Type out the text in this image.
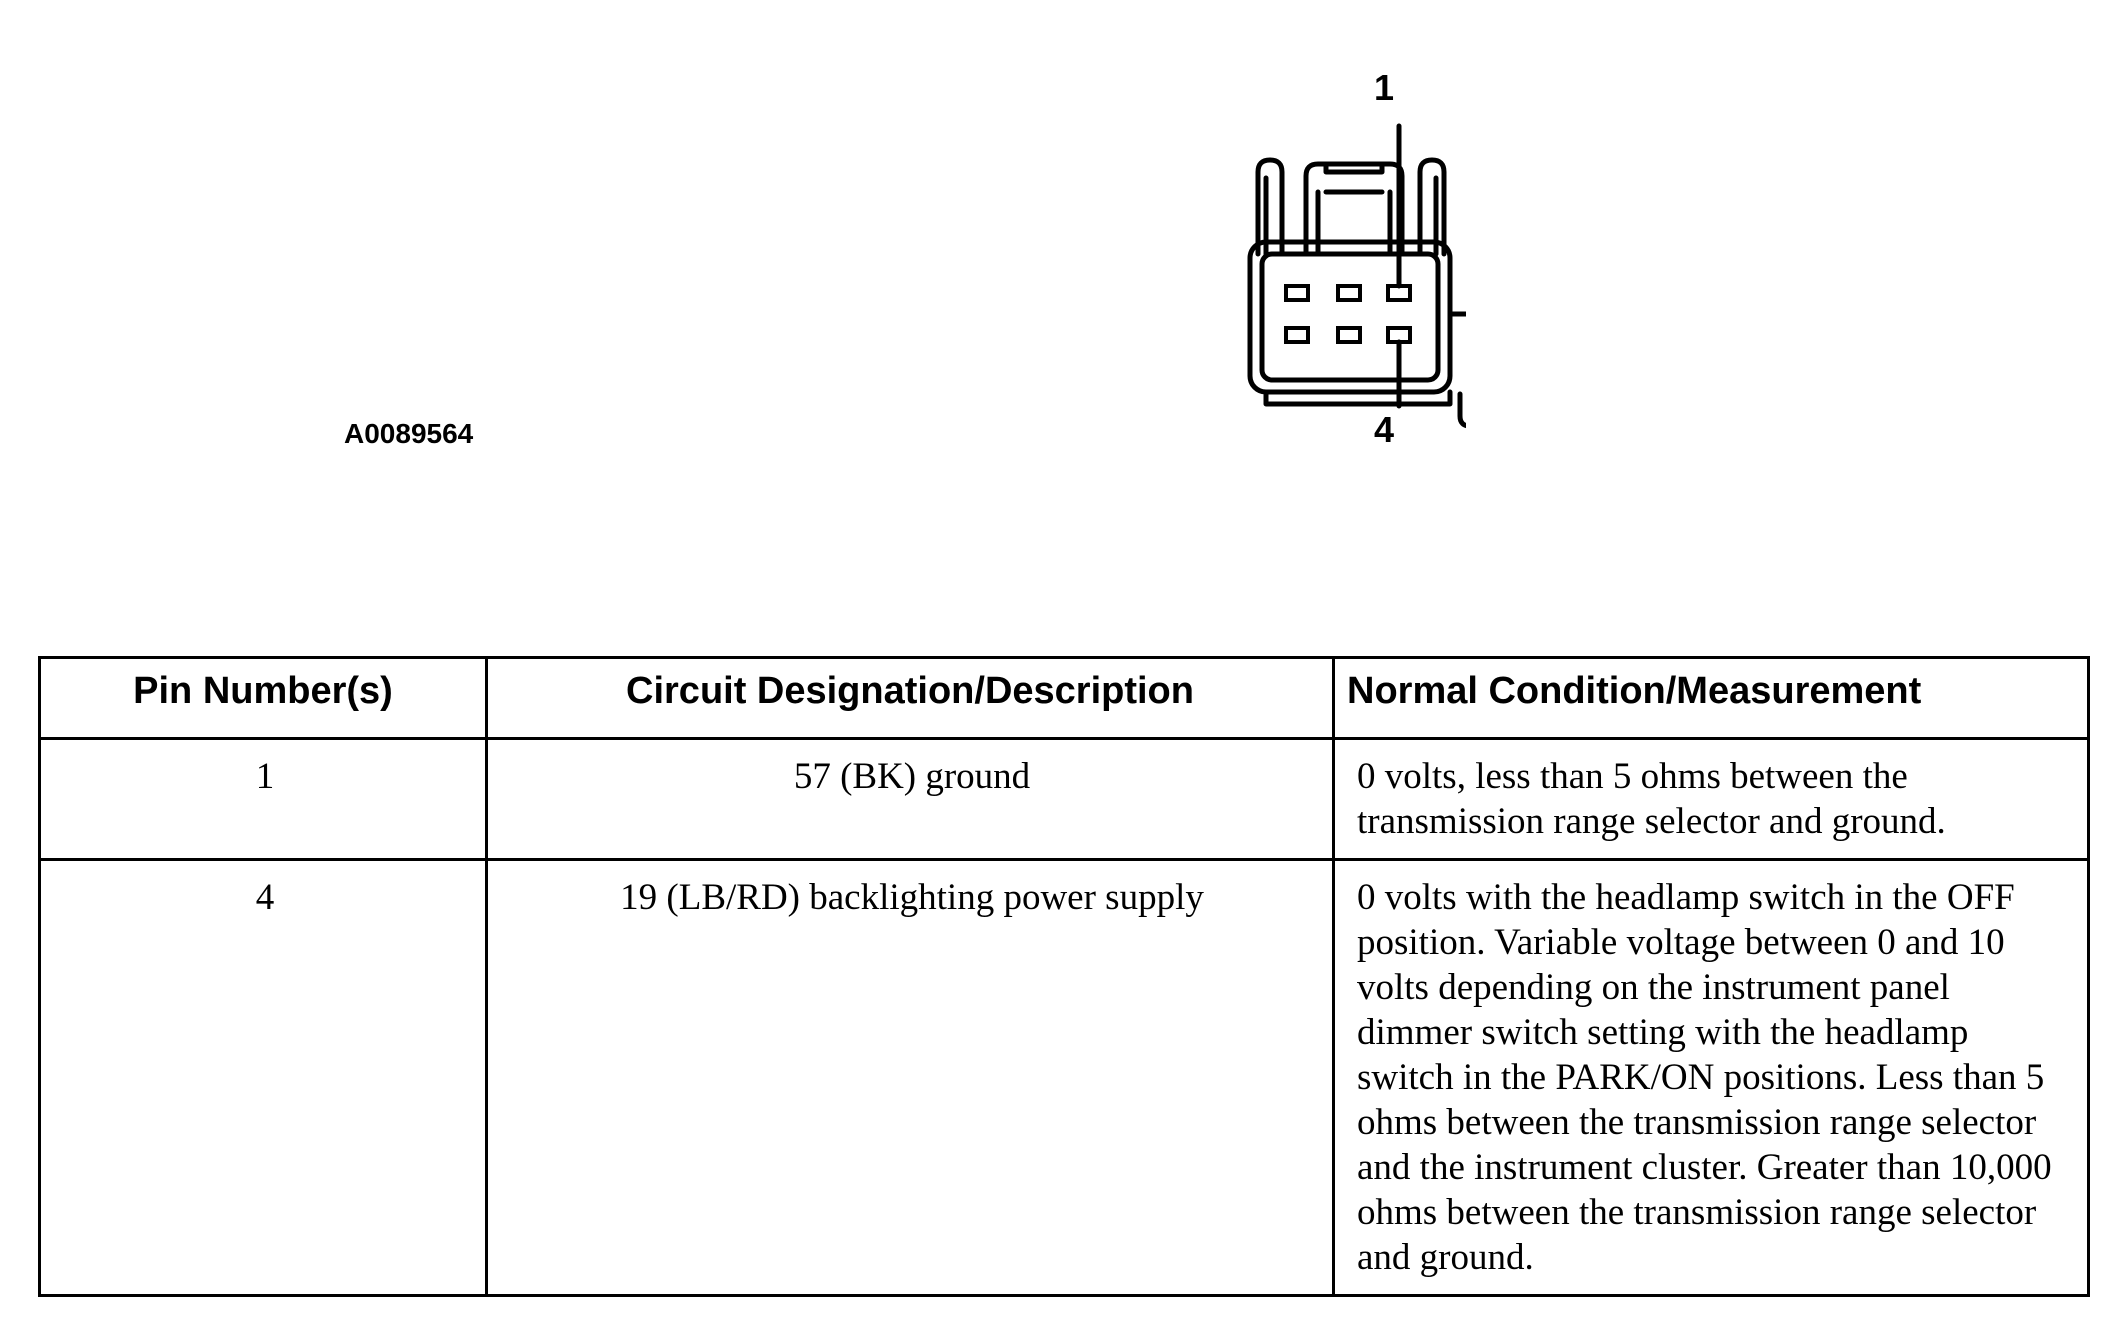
A0089564
1
4
Pin Number(s)	Circuit Designation/Description	Normal Condition/Measurement
1	57 (BK) ground	0 volts, less than 5 ohms between the transmission range selector and ground.
4	19 (LB/RD) backlighting power supply	0 volts with the headlamp switch in the OFF position. Variable voltage between 0 and 10 volts depending on the instrument panel dimmer switch setting with the headlamp switch in the PARK/ON positions. Less than 5 ohms between the transmission range selector and the instrument cluster. Greater than 10,000 ohms between the transmission range selector and ground.
